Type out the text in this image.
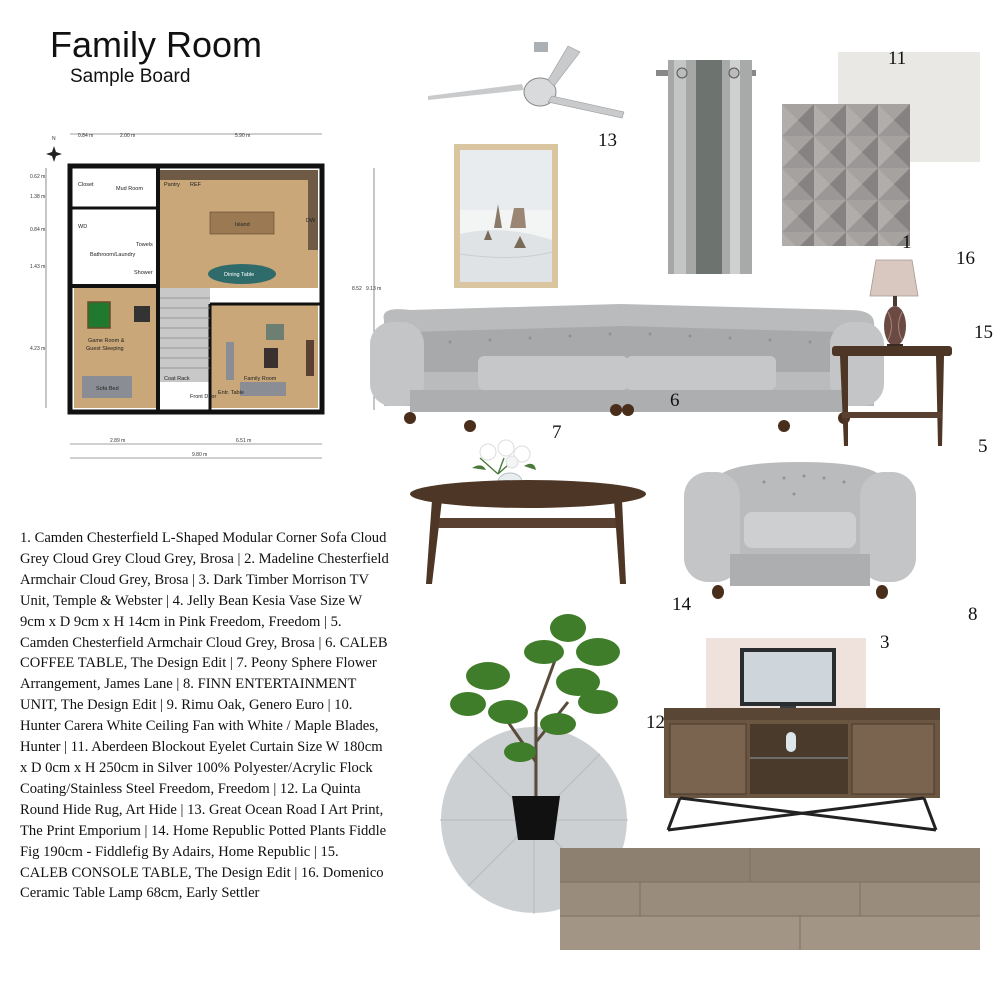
Family Room
Sample Board
N	0.84 m	2.00 m	5.90 m
0.62 m
1.38 m
0.84 m
1.43 m
4.23 m
8.52 9.13 m
2.89 m	6.51 m
9.80 m
Closet
Mud Room
Pantry REF
Island
DW
WD
Towels
Bathroom/Laundry
Shower	Dining Table
Game Room &
Guest Sleeping
Sofa Bed
Family Room
Coat Rack
Front Door
Entr. Table
13
11
1
16
15
6
7
5
14	8
3
12
1. Camden Chesterfield L-Shaped Modular Corner Sofa Cloud Grey Cloud Grey Cloud Grey, Brosa | 2. Madeline Chesterfield Armchair Cloud Grey, Brosa | 3. Dark Timber Morrison TV Unit, Temple & Webster | 4. Jelly Bean Kesia Vase Size W 9cm x D 9cm x H 14cm in Pink Freedom, Freedom | 5. Camden Chesterfield Armchair Cloud Grey, Brosa | 6. CALEB COFFEE TABLE, The Design Edit | 7. Peony Sphere Flower Arrangement, James Lane | 8. FINN ENTERTAINMENT UNIT, The Design Edit | 9. Rimu Oak, Genero Euro | 10. Hunter Carera White Ceiling Fan with White / Maple Blades, Hunter | 11. Aberdeen Blockout Eyelet Curtain Size W 180cm x D 0cm x H 250cm in Silver 100% Polyester/Acrylic Flock Coating/Stainless Steel Freedom, Freedom | 12. La Quinta Round Hide Rug, Art Hide | 13. Great Ocean Road I Art Print, The Print Emporium | 14. Home Republic Potted Plants Fiddle Fig 190cm - Fiddlefig By Adairs, Home Republic | 15. CALEB CONSOLE TABLE, The Design Edit | 16. Domenico Ceramic Table Lamp 68cm, Early Settler
